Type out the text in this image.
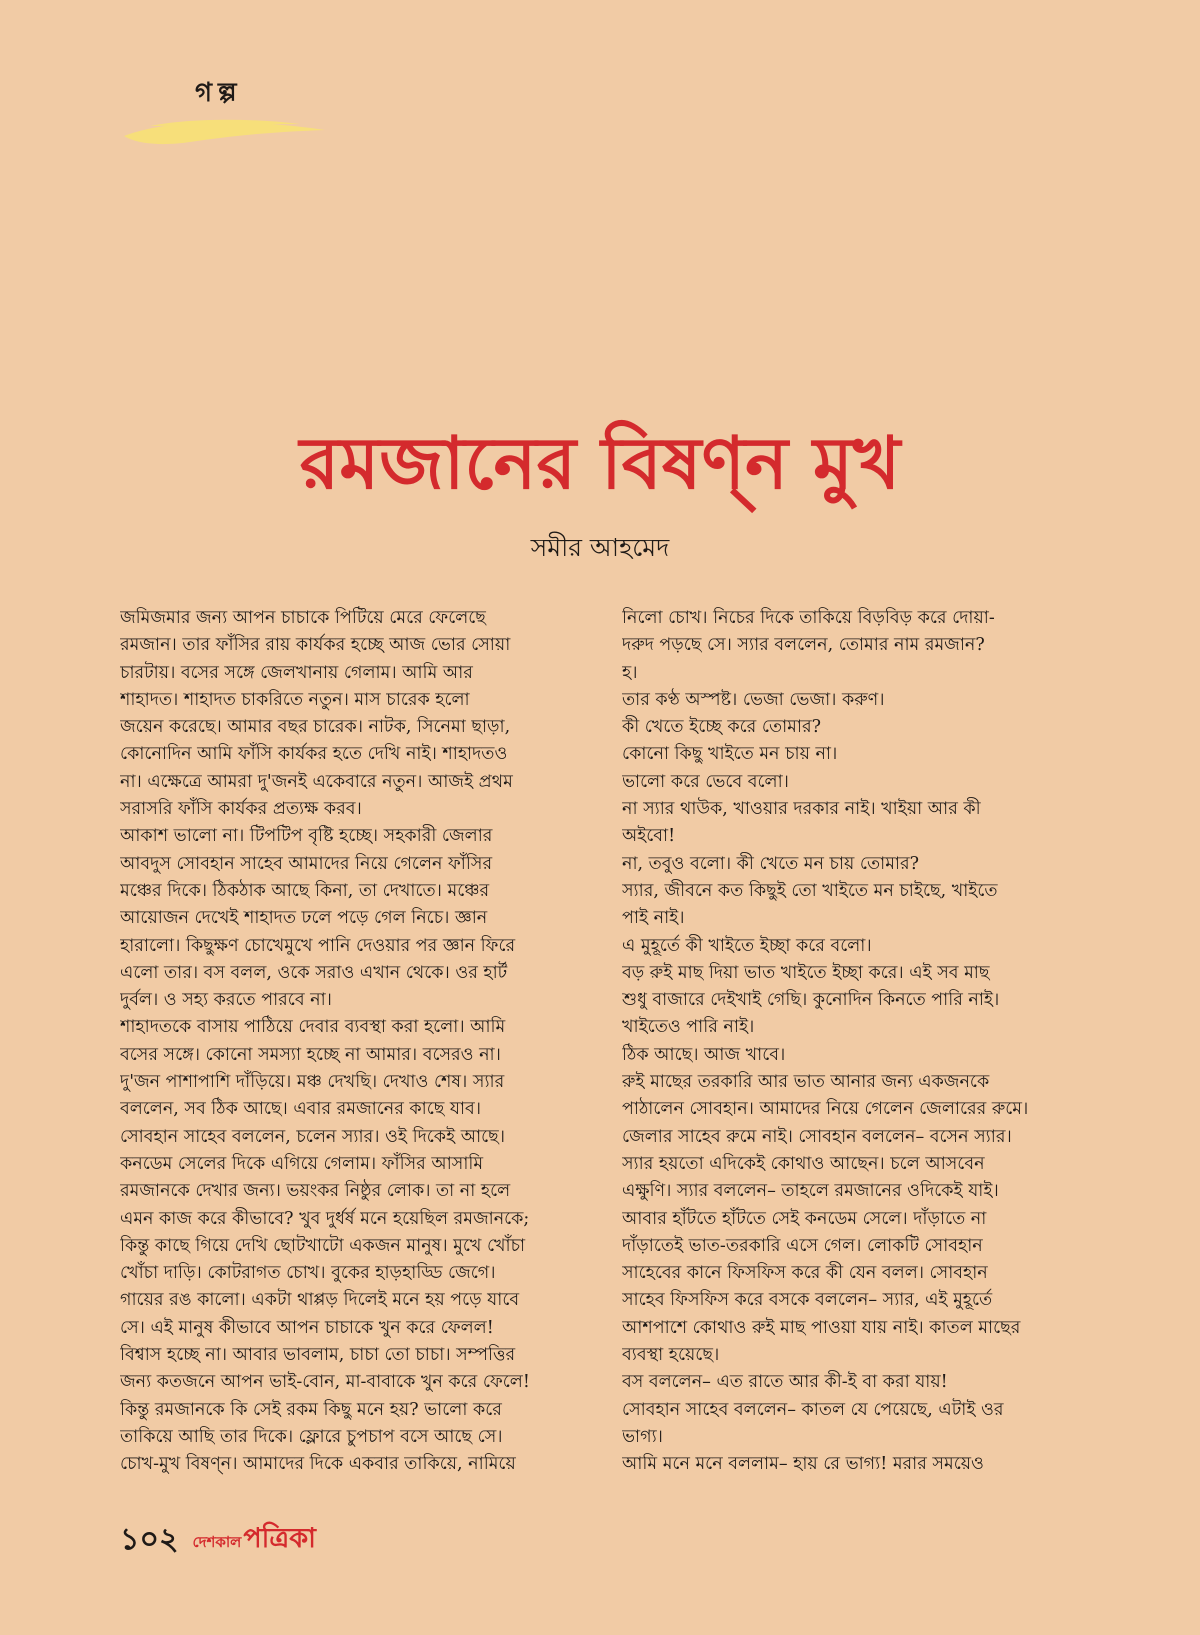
গল্প
রমজানের বিষণ্ন মুখ
সমীর আহমেদ
জমিজমার জন্য আপন চাচাকে পিটিয়ে মেরে ফেলেছে
রমজান। তার ফাঁসির রায় কার্যকর হচ্ছে আজ ভোর সোয়া
চারটায়। বসের সঙ্গে জেলখানায় গেলাম। আমি আর
শাহাদত। শাহাদত চাকরিতে নতুন। মাস চারেক হলো
জয়েন করেছে। আমার বছর চারেক। নাটক, সিনেমা ছাড়া,
কোনোদিন আমি ফাঁসি কার্যকর হতে দেখি নাই। শাহাদতও
না। এক্ষেত্রে আমরা দু'জনই একেবারে নতুন। আজই প্রথম
সরাসরি ফাঁসি কার্যকর প্রত্যক্ষ করব।
আকাশ ভালো না। টিপটিপ বৃষ্টি হচ্ছে। সহকারী জেলার
আবদুস সোবহান সাহেব আমাদের নিয়ে গেলেন ফাঁসির
মঞ্চের দিকে। ঠিকঠাক আছে কিনা, তা দেখাতে। মঞ্চের
আয়োজন দেখেই শাহাদত ঢলে পড়ে গেল নিচে। জ্ঞান
হারালো। কিছুক্ষণ চোখেমুখে পানি দেওয়ার পর জ্ঞান ফিরে
এলো তার। বস বলল, ওকে সরাও এখান থেকে। ওর হার্ট
দুর্বল। ও সহ্য করতে পারবে না।
শাহাদতকে বাসায় পাঠিয়ে দেবার ব্যবস্থা করা হলো। আমি
বসের সঙ্গে। কোনো সমস্যা হচ্ছে না আমার। বসেরও না।
দু'জন পাশাপাশি দাঁড়িয়ে। মঞ্চ দেখছি। দেখাও শেষ। স্যার
বললেন, সব ঠিক আছে। এবার রমজানের কাছে যাব।
সোবহান সাহেব বললেন, চলেন স্যার। ওই দিকেই আছে।
কনডেম সেলের দিকে এগিয়ে গেলাম। ফাঁসির আসামি
রমজানকে দেখার জন্য। ভয়ংকর নিষ্ঠুর লোক। তা না হলে
এমন কাজ করে কীভাবে? খুব দুর্ধর্ষ মনে হয়েছিল রমজানকে;
কিন্তু কাছে গিয়ে দেখি ছোটখাটো একজন মানুষ। মুখে খোঁচা
খোঁচা দাড়ি। কোটরাগত চোখ। বুকের হাড়হাড্ডি জেগে।
গায়ের রঙ কালো। একটা থাপ্পড় দিলেই মনে হয় পড়ে যাবে
সে। এই মানুষ কীভাবে আপন চাচাকে খুন করে ফেলল!
বিশ্বাস হচ্ছে না। আবার ভাবলাম, চাচা তো চাচা। সম্পত্তির
জন্য কতজনে আপন ভাই-বোন, মা-বাবাকে খুন করে ফেলে!
কিন্তু রমজানকে কি সেই রকম কিছু মনে হয়? ভালো করে
তাকিয়ে আছি তার দিকে। ফ্লোরে চুপচাপ বসে আছে সে।
চোখ-মুখ বিষণ্ন। আমাদের দিকে একবার তাকিয়ে, নামিয়ে
নিলো চোখ। নিচের দিকে তাকিয়ে বিড়বিড় করে দোয়া-
দরুদ পড়ছে সে। স্যার বললেন, তোমার নাম রমজান?
হ।
তার কণ্ঠ অস্পষ্ট। ভেজা ভেজা। করুণ।
কী খেতে ইচ্ছে করে তোমার?
কোনো কিছু খাইতে মন চায় না।
ভালো করে ভেবে বলো।
না স্যার থাউক, খাওয়ার দরকার নাই। খাইয়া আর কী
অইবো!
না, তবুও বলো। কী খেতে মন চায় তোমার?
স্যার, জীবনে কত কিছুই তো খাইতে মন চাইছে, খাইতে
পাই নাই।
এ মুহূর্তে কী খাইতে ইচ্ছা করে বলো।
বড় রুই মাছ দিয়া ভাত খাইতে ইচ্ছা করে। এই সব মাছ
শুধু বাজারে দেইখাই গেছি। কুনোদিন কিনতে পারি নাই।
খাইতেও পারি নাই।
ঠিক আছে। আজ খাবে।
রুই মাছের তরকারি আর ভাত আনার জন্য একজনকে
পাঠালেন সোবহান। আমাদের নিয়ে গেলেন জেলারের রুমে।
জেলার সাহেব রুমে নাই। সোবহান বললেন– বসেন স্যার।
স্যার হয়তো এদিকেই কোথাও আছেন। চলে আসবেন
এক্ষুণি। স্যার বললেন– তাহলে রমজানের ওদিকেই যাই।
আবার হাঁটতে হাঁটতে সেই কনডেম সেলে। দাঁড়াতে না
দাঁড়াতেই ভাত-তরকারি এসে গেল। লোকটি সোবহান
সাহেবের কানে ফিসফিস করে কী যেন বলল। সোবহান
সাহেব ফিসফিস করে বসকে বললেন– স্যার, এই মুহূর্তে
আশপাশে কোথাও রুই মাছ পাওয়া যায় নাই। কাতল মাছের
ব্যবস্থা হয়েছে।
বস বললেন– এত রাতে আর কী-ই বা করা যায়!
সোবহান সাহেব বললেন– কাতল যে পেয়েছে, এটাই ওর
ভাগ্য।
আমি মনে মনে বললাম– হায় রে ভাগ্য! মরার সময়েও
১০২ দেশকালপত্রিকা
